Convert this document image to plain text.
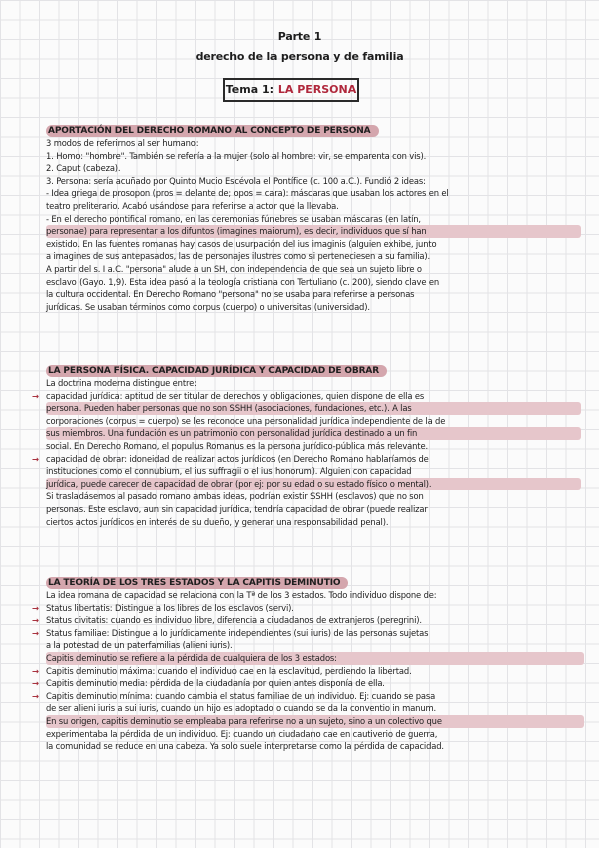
Parte 1
derecho de la persona y de familia
Tema 1: LA PERSONA
APORTACIÓN DEL DERECHO ROMANO AL CONCEPTO DE PERSONA
3 modos de referirnos al ser humano:
1. Homo: "hombre". También se refería a la mujer (solo al hombre: vir, se emparenta con vis).
2. Caput (cabeza).
3. Persona: sería acuñado por Quinto Mucio Escévola el Pontífice (c. 100 a.C.). Fundió 2 ideas:
- Idea griega de prosopon (pros = delante de; opos = cara): máscaras que usaban los actores en el
teatro preliterario. Acabó usándose para referirse a actor que la llevaba.
- En el derecho pontifical romano, en las ceremonias fúnebres se usaban máscaras (en latín,
personae) para representar a los difuntos (imagines maiorum), es decir, individuos que sí han
existido. En las fuentes romanas hay casos de usurpación del ius imaginis (alguien exhibe, junto
a imagines de sus antepasados, las de personajes ilustres como si perteneciesen a su familia).
A partir del s. I a.C. "persona" alude a un SH, con independencia de que sea un sujeto libre o
esclavo (Gayo. 1,9). Esta idea pasó a la teología cristiana con Tertuliano (c. 200), siendo clave en
la cultura occidental. En Derecho Romano "persona" no se usaba para referirse a personas
jurídicas. Se usaban términos como corpus (cuerpo) o universitas (universidad).
LA PERSONA FÍSICA. CAPACIDAD JURÍDICA Y CAPACIDAD DE OBRAR
La doctrina moderna distingue entre:
→ capacidad jurídica: aptitud de ser titular de derechos y obligaciones, quien dispone de ella es
persona. Pueden haber personas que no son SSHH (asociaciones, fundaciones, etc.). A las
corporaciones (corpus = cuerpo) se les reconoce una personalidad jurídica independiente de la de
sus miembros. Una fundación es un patrimonio con personalidad jurídica destinado a un fin
social. En Derecho Romano, el populus Romanus es la persona jurídico-pública más relevante.
→ capacidad de obrar: idoneidad de realizar actos jurídicos (en Derecho Romano hablaríamos de
instituciones como el connubium, el ius suffragii o el ius honorum). Alguien con capacidad
jurídica, puede carecer de capacidad de obrar (por ej: por su edad o su estado físico o mental).
Si trasladásemos al pasado romano ambas ideas, podrían existir SSHH (esclavos) que no son
personas. Este esclavo, aun sin capacidad jurídica, tendría capacidad de obrar (puede realizar
ciertos actos jurídicos en interés de su dueño, y generar una responsabilidad penal).
LA TEORÍA DE LOS TRES ESTADOS Y LA CAPITIS DEMINUTIO
La idea romana de capacidad se relaciona con la Tª de los 3 estados. Todo individuo dispone de:
→ Status libertatis: Distingue a los libres de los esclavos (servi).
→ Status civitatis: cuando es individuo libre, diferencia a ciudadanos de extranjeros (peregrini).
→ Status familiae: Distingue a lo jurídicamente independientes (sui iuris) de las personas sujetas
a la potestad de un paterfamilias (alieni iuris).
Capitis deminutio se refiere a la pérdida de cualquiera de los 3 estados:
→ Capitis deminutio máxima: cuando el individuo cae en la esclavitud, perdiendo la libertad.
→ Capitis deminutio media: pérdida de la ciudadanía por quien antes disponía de ella.
→ Capitis deminutio mínima: cuando cambia el status familiae de un individuo. Ej: cuando se pasa
de ser alieni iuris a sui iuris, cuando un hijo es adoptado o cuando se da la conventio in manum.
En su origen, capitis deminutio se empleaba para referirse no a un sujeto, sino a un colectivo que
experimentaba la pérdida de un individuo. Ej: cuando un ciudadano cae en cautiverio de guerra,
la comunidad se reduce en una cabeza. Ya solo suele interpretarse como la pérdida de capacidad.
